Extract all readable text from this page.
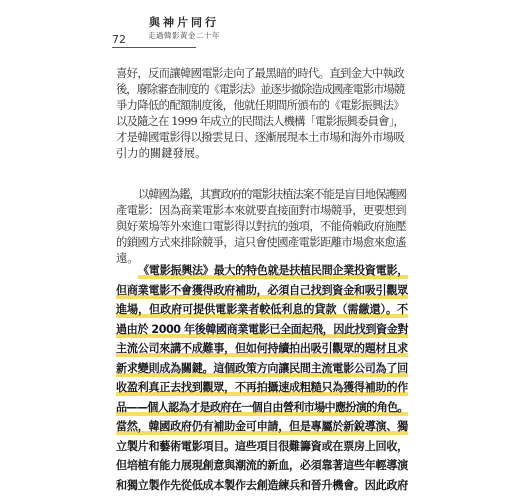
72
與神片同行
走過韓影黃金二十年
喜好，反而讓韓國電影走向了最黑暗的時代。直到金大中執政
後，廢除審查制度的《電影法》並逐步撤除造成國產電影市場競
爭力降低的配額制度後，他就任期間所頒布的《電影振興法》
以及隨之在 1999 年成立的民間法人機構「電影振興委員會」，
才是韓國電影得以撥雲見日、逐漸展現本土市場和海外市場吸
引力的關鍵發展。
以韓國為鑑，其實政府的電影扶植法案不能是盲目地保護國
產電影：因為商業電影本來就要直接面對市場競爭，更要想到
與好萊塢等外來進口電影得以對抗的強項，不能倚賴政府施壓
的鎖國方式來排除競爭，這只會使國產電影距離市場愈來愈遙
遠。
《電影振興法》最大的特色就是扶植民間企業投資電影，
但商業電影不會獲得政府補助，必須自己找到資金和吸引觀眾
進場，但政府可提供電影業者較低利息的貸款（需繳還）。不
過由於 2000 年後韓國商業電影已全面起飛，因此找到資金對
主流公司來講不成難事，但如何持續拍出吸引觀眾的題材且求
新求變則成為關鍵。這個政策方向讓民間主流電影公司為了回
收盈利真正去找到觀眾，不再拍攝速成粗糙只為獲得補助的作
品——個人認為才是政府在一個自由營利市場中應扮演的角色。
當然，韓國政府仍有補助金可申請，但是專屬於新銳導演、獨
立製片和藝術電影項目。這些項目很難籌資或在票房上回收，
但培植有能力展現創意與潮流的新血，必須靠著這些年輕導演
和獨立製作先從低成本製作去創造練兵和晉升機會。因此政府
